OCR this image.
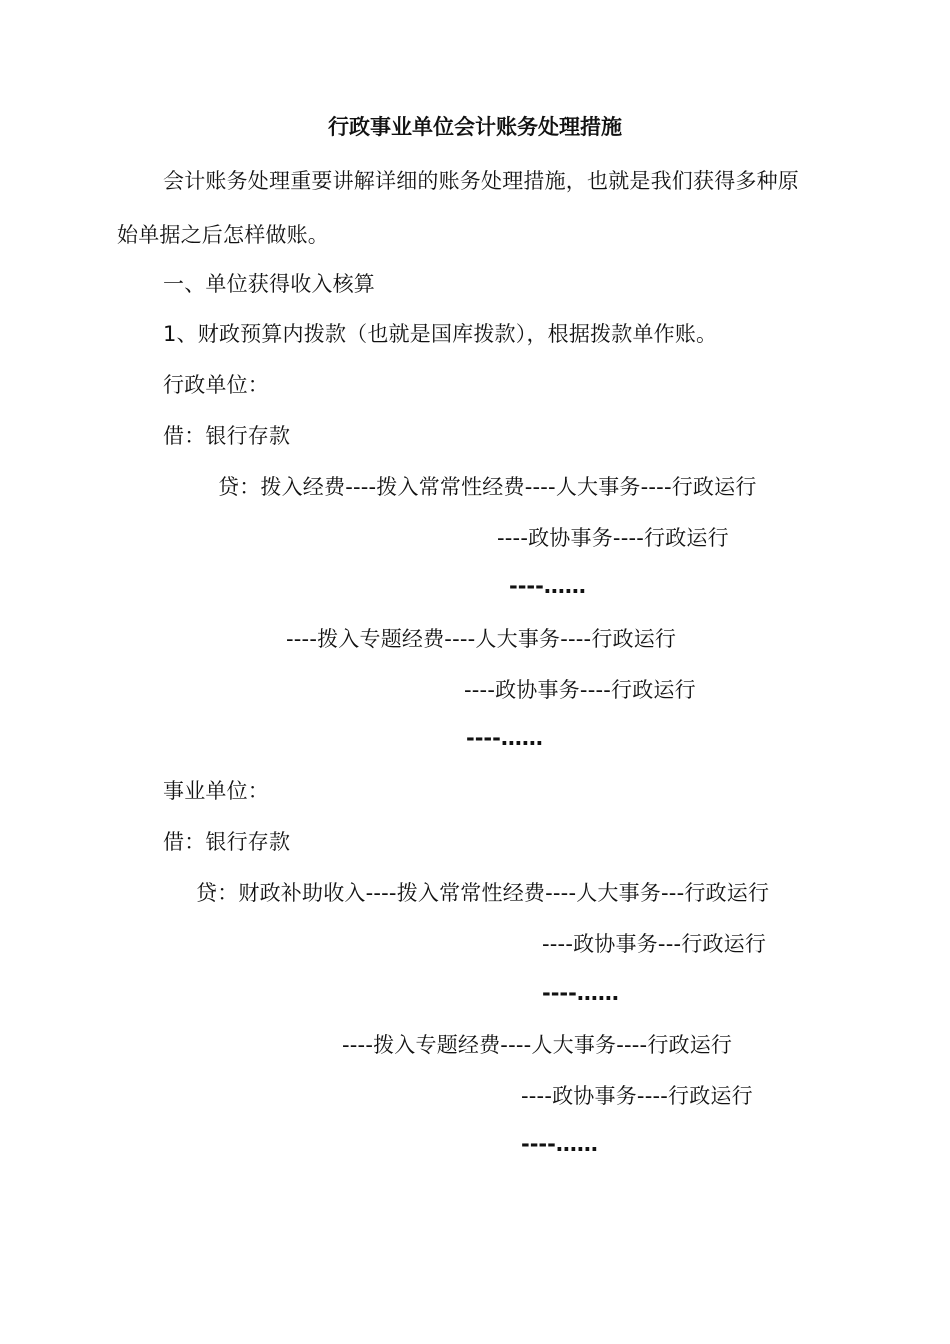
行政事业单位会计账务处理措施
会计账务处理重要讲解详细的账务处理措施，也就是我们获得多种原
始单据之后怎样做账。
一、单位获得收入核算
1、财政预算内拨款（也就是国库拨款），根据拨款单作账。
行政单位：
借：银行存款
贷：拨入经费----拨入常常性经费----人大事务----行政运行
----政协事务----行政运行
----……
----拨入专题经费----人大事务----行政运行
----政协事务----行政运行
----……
事业单位：
借：银行存款
贷：财政补助收入----拨入常常性经费----人大事务---行政运行
----政协事务---行政运行
----……
----拨入专题经费----人大事务----行政运行
----政协事务----行政运行
----……
